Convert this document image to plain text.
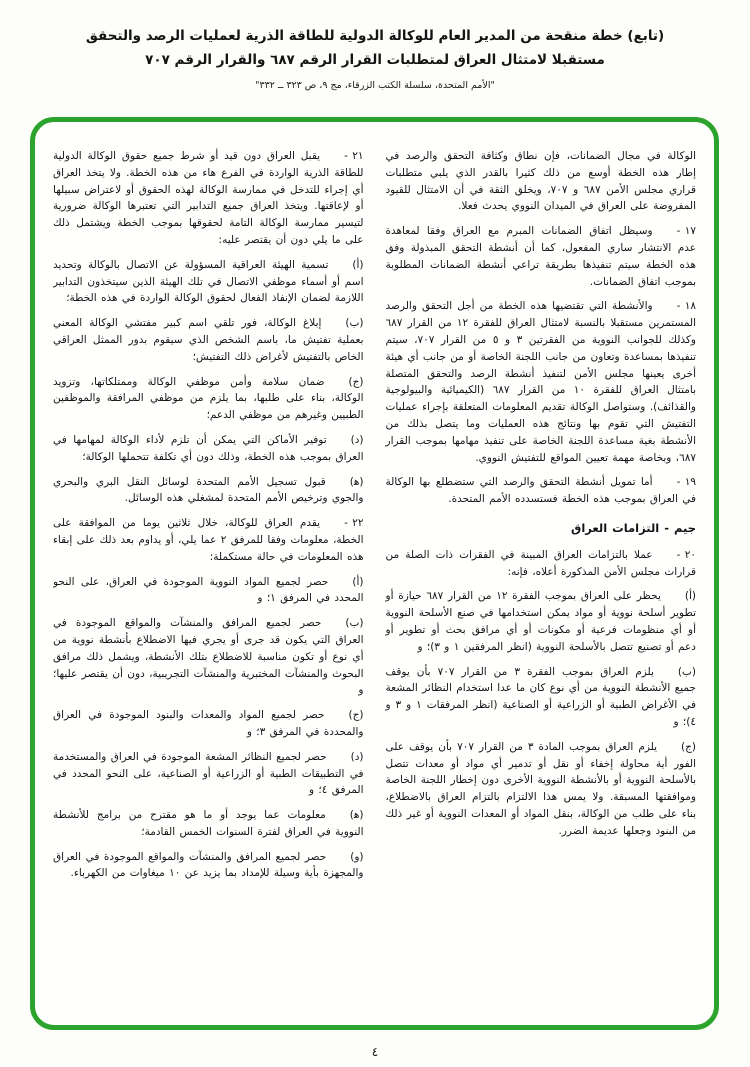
(تابع) خطة منقحة من المدير العام للوكالة الدولية للطاقة الذرية لعمليات الرصد والتحقق
مستقبلا لامتثال العراق لمتطلبات القرار الرقم ٦٨٧ والقرار الرقم ٧٠٧
"الأمم المتحدة، سلسلة الكتب الزرقاء، مج ٩، ص ٣٢٣ ــ ٣٣٢"
الوكالة في مجال الضمانات، فإن نطاق وكثافة التحقق والرصد في إطار هذه الخطة أوسع من ذلك كثيرا بالقدر الذي يلبي متطلبات قراري مجلس الأمن ٦٨٧ و ٧٠٧، ويخلق الثقة في أن الامتثال للقيود المفروضة على العراق في الميدان النووي يحدث فعلا.
١٧ -وسيظل اتفاق الضمانات المبرم مع العراق وفقا لمعاهدة عدم الانتشار ساري المفعول، كما أن أنشطة التحقق المبذولة وفق هذه الخطة سيتم تنفيذها بطريقة تراعي أنشطة الضمانات المطلوبة بموجب اتفاق الضمانات.
١٨ -والأنشطة التي تقتضيها هذه الخطة من أجل التحقق والرصد المستمرين مستقبلا بالنسبة لامتثال العراق للفقرة ١٢ من القرار ٦٨٧ وكذلك للجوانب النووية من الفقرتين ٣ و ٥ من القرار ٧٠٧، سيتم تنفيذها بمساعدة وتعاون من جانب اللجنة الخاصة أو من جانب أي هيئة أخرى يعينها مجلس الأمن لتنفيذ أنشطة الرصد والتحقق المتصلة بامتثال العراق للفقرة ١٠ من القرار ٦٨٧ (الكيميائية والبيولوجية والقذائف). وستواصل الوكالة تقديم المعلومات المتعلقة بإجراء عمليات التفتيش التي تقوم بها ونتائج هذه العمليات وما يتصل بذلك من الأنشطة بغية مساعدة اللجنة الخاصة على تنفيذ مهامها بموجب القرار ٦٨٧، وبخاصة مهمة تعيين المواقع للتفتيش النووي.
١٩ -أما تمويل أنشطة التحقق والرصد التي ستضطلع بها الوكالة في العراق بموجب هذه الخطة فستسدده الأمم المتحدة.
جيم - التزامات العراق
٢٠ -عملا بالتزامات العراق المبينة في الفقرات ذات الصلة من قرارات مجلس الأمن المذكورة أعلاه، فإنه:
(أ)يحظر على العراق بموجب الفقرة ١٢ من القرار ٦٨٧ حيازة أو تطوير أسلحة نووية أو مواد يمكن استخدامها في صنع الأسلحة النووية أو أي منظومات فرعية أو مكونات أو أي مرافق بحث أو تطوير أو دعم أو تصنيع تتصل بالأسلحة النووية (انظر المرفقين ١ و ٣)؛ و
(ب)يلزم العراق بموجب الفقرة ٣ من القرار ٧٠٧ بأن يوقف جميع الأنشطة النووية من أي نوع كان ما عدا استخدام النظائر المشعة في الأغراض الطبية أو الزراعية أو الصناعية (انظر المرفقات ١ و ٣ و ٤)؛ و
(ج)يلزم العراق بموجب المادة ٣ من القرار ٧٠٧ بأن يوقف على الفور أية محاولة إخفاء أو نقل أو تدمير أي مواد أو معدات تتصل بالأسلحة النووية أو بالأنشطة النووية الأخرى دون إخطار اللجنة الخاصة وموافقتها المسبقة. ولا يمس هذا الالتزام بالتزام العراق بالاضطلاع، بناء على طلب من الوكالة، بنقل المواد أو المعدات النووية أو غير ذلك من البنود وجعلها عديمة الضرر.
٢١ -يقبل العراق دون قيد أو شرط جميع حقوق الوكالة الدولية للطاقة الذرية الواردة في الفرع هاء من هذه الخطة. ولا يتخذ العراق أي إجراء للتدخل في ممارسة الوكالة لهذه الحقوق أو لاعتراض سبيلها أو لإعاقتها. ويتخذ العراق جميع التدابير التي تعتبرها الوكالة ضرورية لتيسير ممارسة الوكالة التامة لحقوقها بموجب الخطة ويشتمل ذلك على ما يلي دون أن يقتصر عليه:
(أ)تسمية الهيئة العراقية المسؤولة عن الاتصال بالوكالة وتحديد اسم أو أسماء موظفي الاتصال في تلك الهيئة الذين سيتخذون التدابير اللازمة لضمان الإنفاذ الفعال لحقوق الوكالة الواردة في هذه الخطة؛
(ب)إبلاغ الوكالة، فور تلقي اسم كبير مفتشي الوكالة المعني بعملية تفتيش ما، باسم الشخص الذي سيقوم بدور الممثل العراقي الخاص بالتفتيش لأغراض ذلك التفتيش؛
(ج)ضمان سلامة وأمن موظفي الوكالة وممتلكاتها، وتزويد الوكالة، بناء على طلبها، بما يلزم من موظفي المرافقة والموظفين الطبيين وغيرهم من موظفي الدعم؛
(د)توفير الأماكن التي يمكن أن تلزم لأداء الوكالة لمهامها في العراق بموجب هذه الخطة، وذلك دون أي تكلفة تتحملها الوكالة؛
(ﻫ)قبول تسجيل الأمم المتحدة لوسائل النقل البري والبحري والجوي وترخيص الأمم المتحدة لمشغلي هذه الوسائل.
٢٢ -يقدم العراق للوكالة، خلال ثلاثين يوما من الموافقة على الخطة، معلومات وفقا للمرفق ٢ عما يلي، أو يداوم بعد ذلك على إبقاء هذه المعلومات في حالة مستكملة:
(أ)حصر لجميع المواد النووية الموجودة في العراق، على النحو المحدد في المرفق ١؛ و
(ب)حصر لجميع المرافق والمنشآت والمواقع الموجودة في العراق التي يكون قد جرى أو يجري فيها الاضطلاع بأنشطة نووية من أي نوع أو تكون مناسبة للاضطلاع بتلك الأنشطة، ويشمل ذلك مرافق البحوث والمنشآت المختبرية والمنشآت التجريبية، دون أن يقتصر عليها؛ و
(ج)حصر لجميع المواد والمعدات والبنود الموجودة في العراق والمحددة في المرفق ٣؛ و
(د)حصر لجميع النظائر المشعة الموجودة في العراق والمستخدمة في التطبيقات الطبية أو الزراعية أو الصناعية، على النحو المحدد في المرفق ٤؛ و
(ﻫ)معلومات عما يوجد أو ما هو مقترح من برامج للأنشطة النووية في العراق لفترة السنوات الخمس القادمة؛
(و)حصر لجميع المرافق والمنشآت والمواقع الموجودة في العراق والمجهزة بأية وسيلة للإمداد بما يزيد عن ١٠ ميغاوات من الكهرباء.
٤
